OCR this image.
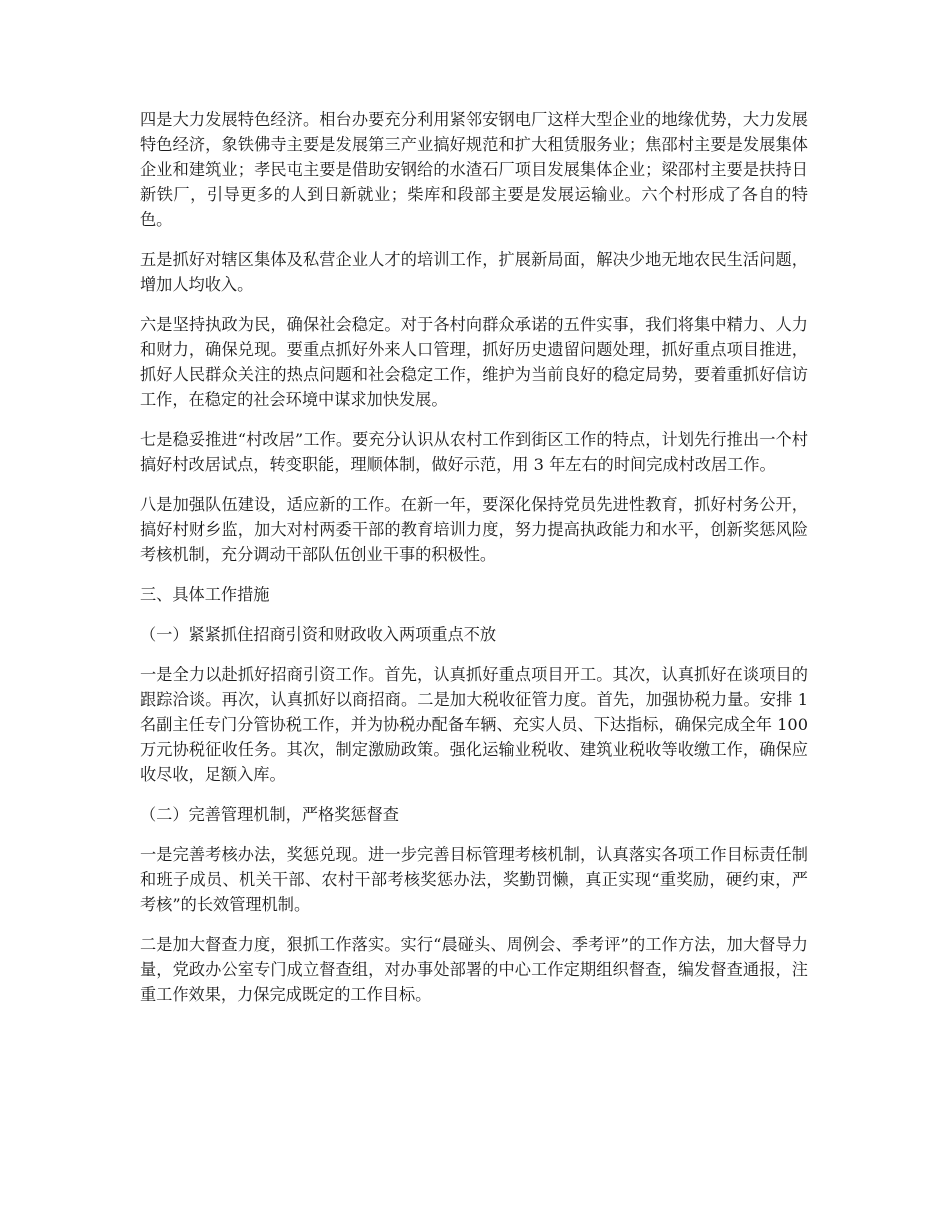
四是大力发展特色经济。相台办要充分利用紧邻安钢电厂这样大型企业的地缘优势，大力发展特色经济，象铁佛寺主要是发展第三产业搞好规范和扩大租赁服务业；焦邵村主要是发展集体企业和建筑业；孝民屯主要是借助安钢给的水渣石厂项目发展集体企业；梁邵村主要是扶持日新铁厂，引导更多的人到日新就业；柴库和段部主要是发展运输业。六个村形成了各自的特色。

五是抓好对辖区集体及私营企业人才的培训工作，扩展新局面，解决少地无地农民生活问题，增加人均收入。

六是坚持执政为民，确保社会稳定。对于各村向群众承诺的五件实事，我们将集中精力、人力和财力，确保兑现。要重点抓好外来人口管理，抓好历史遗留问题处理，抓好重点项目推进，抓好人民群众关注的热点问题和社会稳定工作，维护为当前良好的稳定局势，要着重抓好信访工作，在稳定的社会环境中谋求加快发展。

七是稳妥推进“村改居”工作。要充分认识从农村工作到街区工作的特点，计划先行推出一个村搞好村改居试点，转变职能，理顺体制，做好示范，用 3 年左右的时间完成村改居工作。

八是加强队伍建设，适应新的工作。在新一年，要深化保持党员先进性教育，抓好村务公开，搞好村财乡监，加大对村两委干部的教育培训力度，努力提高执政能力和水平，创新奖惩风险考核机制，充分调动干部队伍创业干事的积极性。

三、具体工作措施

（一）紧紧抓住招商引资和财政收入两项重点不放

一是全力以赴抓好招商引资工作。首先，认真抓好重点项目开工。其次，认真抓好在谈项目的跟踪洽谈。再次，认真抓好以商招商。二是加大税收征管力度。首先，加强协税力量。安排 1 名副主任专门分管协税工作，并为协税办配备车辆、充实人员、下达指标，确保完成全年 100 万元协税征收任务。其次，制定激励政策。强化运输业税收、建筑业税收等收缴工作，确保应收尽收，足额入库。

（二）完善管理机制，严格奖惩督查

一是完善考核办法，奖惩兑现。进一步完善目标管理考核机制，认真落实各项工作目标责任制和班子成员、机关干部、农村干部考核奖惩办法，奖勤罚懒，真正实现“重奖励，硬约束，严考核”的长效管理机制。

二是加大督查力度，狠抓工作落实。实行“晨碰头、周例会、季考评”的工作方法，加大督导力量，党政办公室专门成立督查组，对办事处部署的中心工作定期组织督查，编发督查通报，注重工作效果，力保完成既定的工作目标。
